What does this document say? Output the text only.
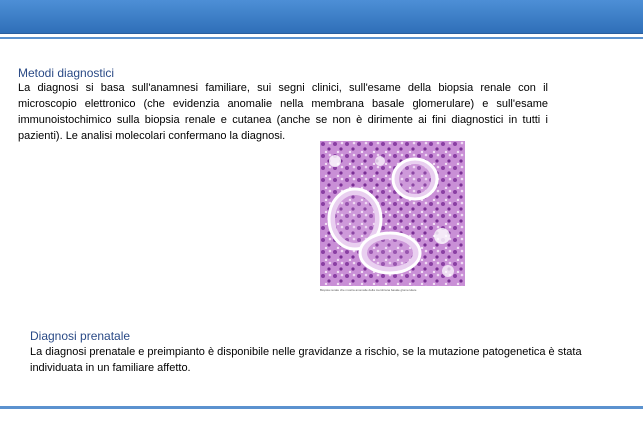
Metodi diagnostici

La diagnosi si basa sull'anamnesi familiare, sui segni clinici, sull'esame della biopsia renale con il microscopio elettronico (che evidenzia anomalie nella membrana basale glomerulare) e sull'esame immunoistochimico sulla biopsia renale e cutanea (anche se non è dirimente ai fini diagnostici in tutti i pazienti). Le analisi molecolari confermano la diagnosi.

Biopsia renale che mostra anomalie della membrana basale glomerulare
Diagnosi prenatale

La diagnosi prenatale e preimpianto è disponibile nelle gravidanze a rischio, se la mutazione patogenetica è stata individuata in un familiare affetto.
